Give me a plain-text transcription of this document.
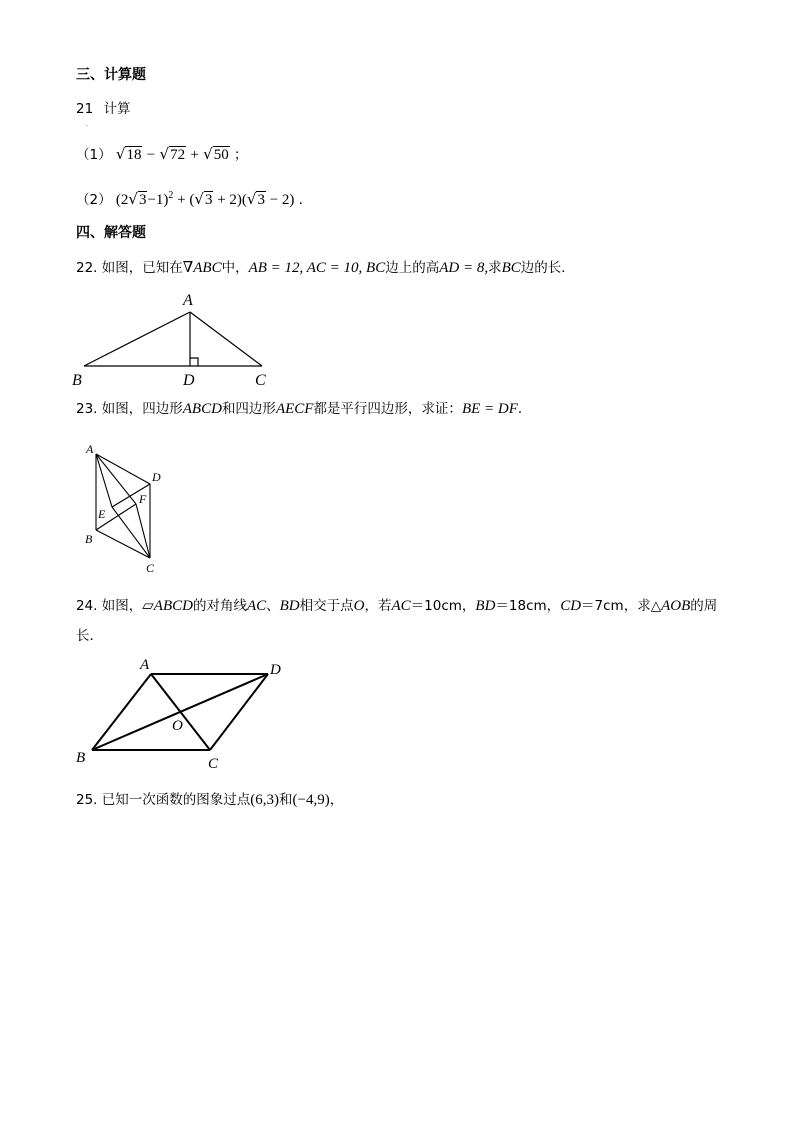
三、计算题
21 计算
·
（1） √18 − √72 + √50 ；
（2） $(2√3-1)^2 + (√3 + 2)(√3 - 2)$ ．
四、解答题
22. 如图，已知在∇ABC中，AB = 12, AC = 10, BC边上的高AD = 8,求BC边的长．
A
B	D	C
23. 如图，四边形ABCD和四边形AECF都是平行四边形，求证：BE = DF．
A
D
F
E
B
C
24. 如图，▱ABCD的对角线AC、BD相交于点O，若AC＝10cm，BD＝18cm，CD＝7cm，求△AOB的周
长．
A	D
O
B	C
25. 已知一次函数的图象过点(6,3)和(−4,9)，
